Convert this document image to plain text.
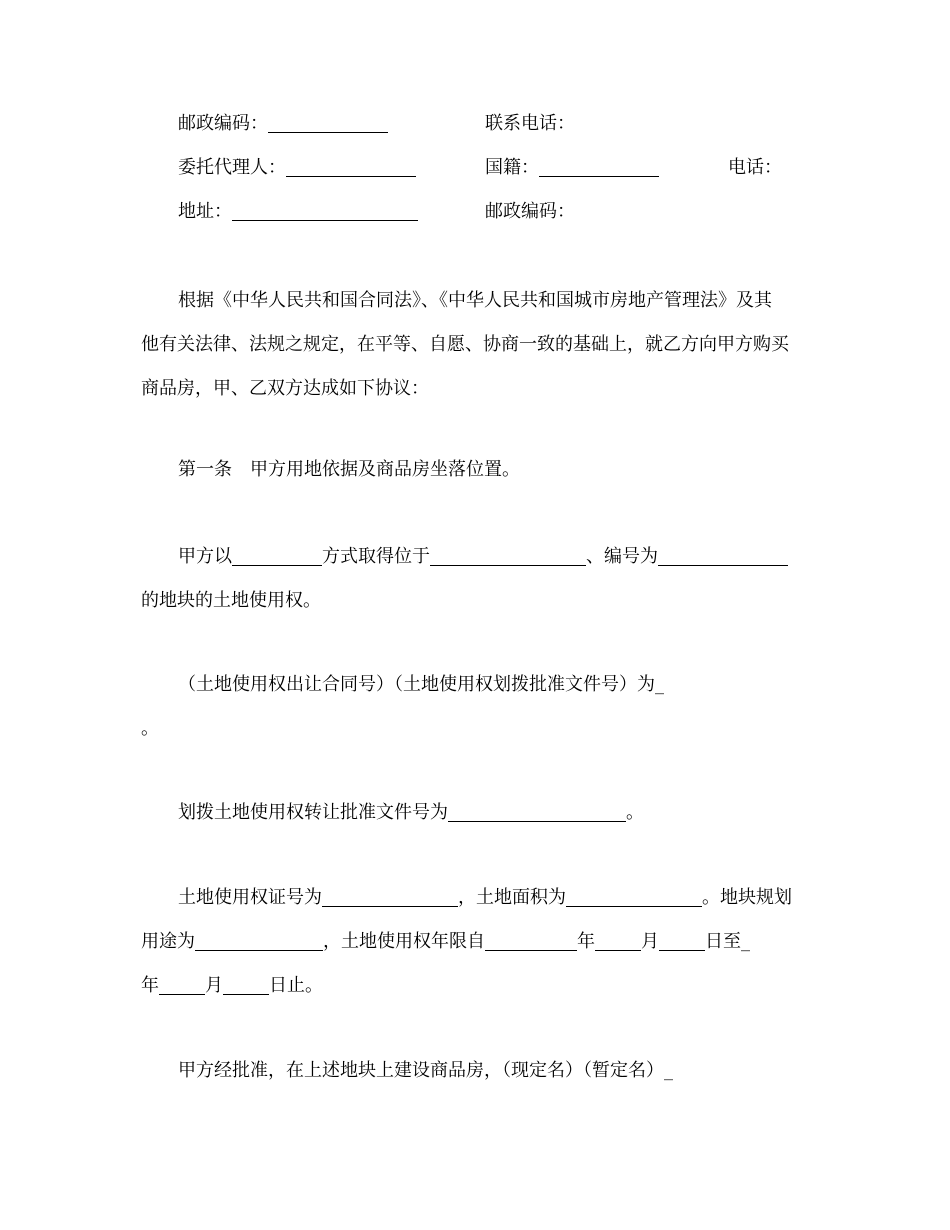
邮政编码：	联系电话：
委托代理人：	国籍：	电话：
地址：	邮政编码：
根据《中华人民共和国合同法》、《中华人民共和国城市房地产管理法》及其
他有关法律、法规之规定，在平等、自愿、协商一致的基础上，就乙方向甲方购买
商品房，甲、乙双方达成如下协议：
第一条　甲方用地依据及商品房坐落位置。
甲方以	方式取得位于	、编号为
的地块的土地使用权。
（土地使用权出让合同号）（土地使用权划拨批准文件号）为_
。
划拨土地使用权转让批准文件号为	。
土地使用权证号为	，土地面积为	。地块规划
用途为	，土地使用权年限自	年	月	日至_
年	月	日止。
甲方经批准，在上述地块上建设商品房，（现定名）（暂定名）_
